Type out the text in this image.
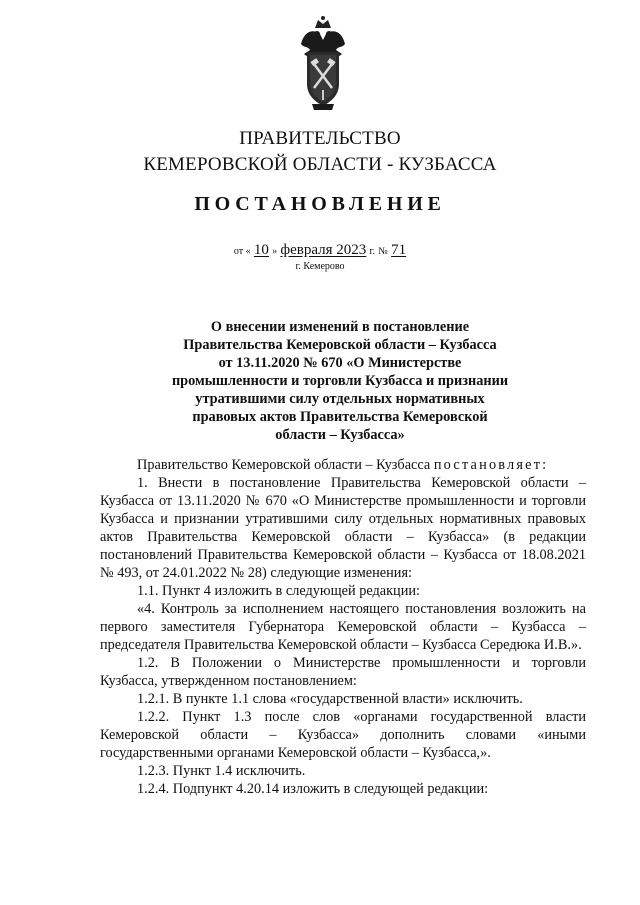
ПРАВИТЕЛЬСТВО
КЕМЕРОВСКОЙ ОБЛАСТИ - КУЗБАССА
ПОСТАНОВЛЕНИЕ
от « 10 » февраля 2023 г. № 71
г. Кемерово
О внесении изменений в постановление
Правительства Кемеровской области – Кузбасса
от 13.11.2020 № 670 «О Министерстве
промышленности и торговли Кузбасса и признании
утратившими силу отдельных нормативных
правовых актов Правительства Кемеровской
области – Кузбасса»

Правительство Кемеровской области – Кузбасса постановляет:

1. Внести в постановление Правительства Кемеровской области – Кузбасса от 13.11.2020 № 670 «О Министерстве промышленности и торговли Кузбасса и признании утратившими силу отдельных нормативных правовых актов Правительства Кемеровской области – Кузбасса» (в редакции постановлений Правительства Кемеровской области – Кузбасса от 18.08.2021 № 493, от 24.01.2022 № 28) следующие изменения:

1.1. Пункт 4 изложить в следующей редакции:

«4. Контроль за исполнением настоящего постановления возложить на первого заместителя Губернатора Кемеровской области – Кузбасса – председателя Правительства Кемеровской области – Кузбасса Середюка И.В.».

1.2. В Положении о Министерстве промышленности и торговли Кузбасса, утвержденном постановлением:

1.2.1. В пункте 1.1 слова «государственной власти» исключить.

1.2.2. Пункт 1.3 после слов «органами государственной власти Кемеровской области – Кузбасса» дополнить словами «иными государственными органами Кемеровской области – Кузбасса,».

1.2.3. Пункт 1.4 исключить.

1.2.4. Подпункт 4.20.14 изложить в следующей редакции:
